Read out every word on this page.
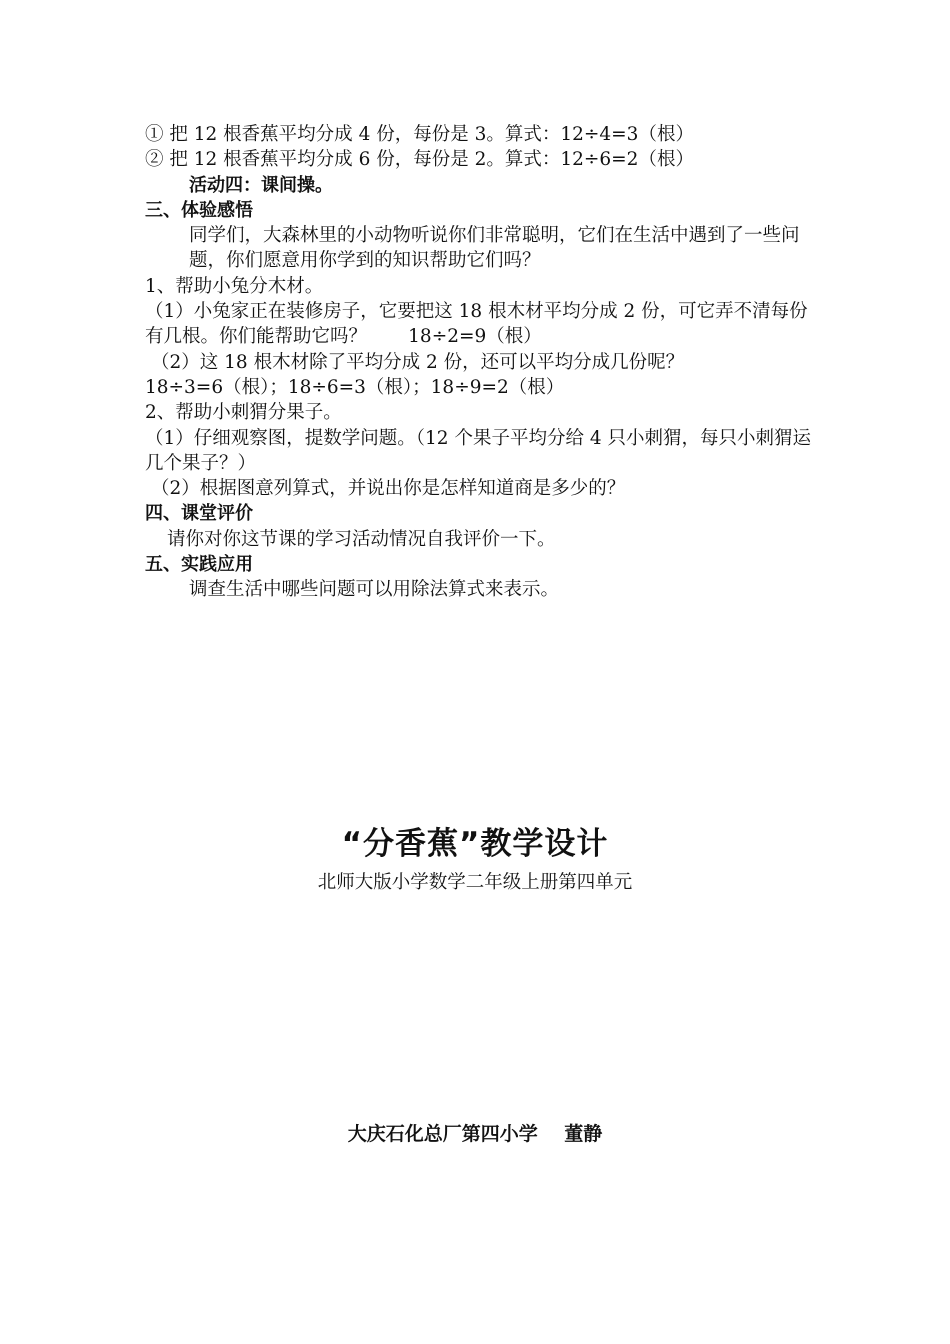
① 把 12 根香蕉平均分成 4 份，每份是 3。算式：12÷4=3（根）
② 把 12 根香蕉平均分成 6 份，每份是 2。算式：12÷6=2（根）
活动四：课间操。
三、体验感悟
同学们，大森林里的小动物听说你们非常聪明，它们在生活中遇到了一些问题，你们愿意用你学到的知识帮助它们吗？
1、帮助小兔分木材。
（1）小兔家正在装修房子，它要把这 18 根木材平均分成 2 份，可它弄不清每份有几根。你们能帮助它吗？       18÷2=9（根）
（2）这 18 根木材除了平均分成 2 份，还可以平均分成几份呢？
18÷3=6（根）；18÷6=3（根）；18÷9=2（根）
2、帮助小刺猬分果子。
（1）仔细观察图，提数学问题。（12 个果子平均分给 4 只小刺猬，每只小刺猬运几个果子？）
（2）根据图意列算式，并说出你是怎样知道商是多少的？
四、课堂评价
请你对你这节课的学习活动情况自我评价一下。
五、实践应用
调查生活中哪些问题可以用除法算式来表示。
“分香蕉”教学设计
北师大版小学数学二年级上册第四单元
大庆石化总厂第四小学    董静
